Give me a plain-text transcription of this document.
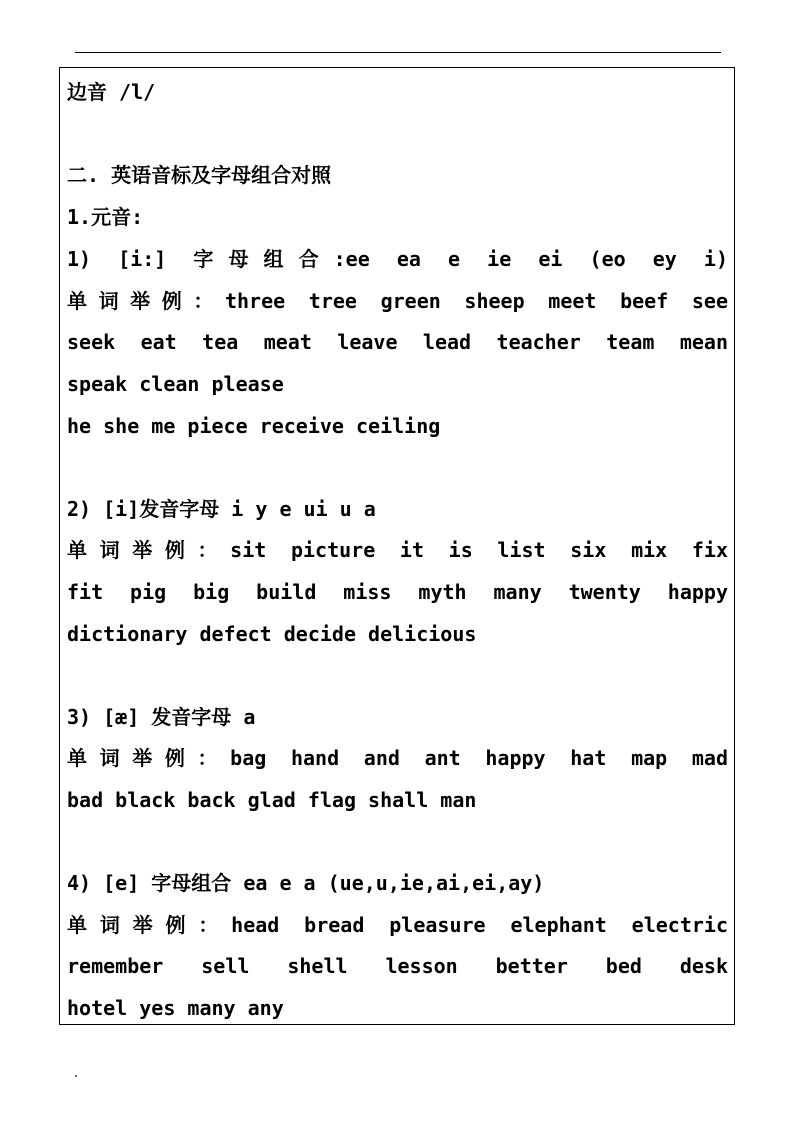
边音 /l/

二. 英语音标及字母组合对照

1.元音:

1) [i:] 字母组合:ee ea e ie ei (eo ey i)

单词举例：three tree green sheep meet beef see

seek eat tea meat leave lead teacher team mean

speak clean please

he she me piece receive ceiling

2) [i]发音字母 i y e ui u a

单词举例：sit picture it is list six mix fix

fit pig big build miss myth many twenty happy

dictionary defect decide delicious

3) [æ] 发音字母 a

单词举例：bag hand and ant happy hat map mad

bad black back glad flag shall man

4) [e] 字母组合 ea e a (ue,u,ie,ai,ei,ay)

单词举例：head bread pleasure elephant electric

remember sell shell lesson better bed desk

hotel yes many any
